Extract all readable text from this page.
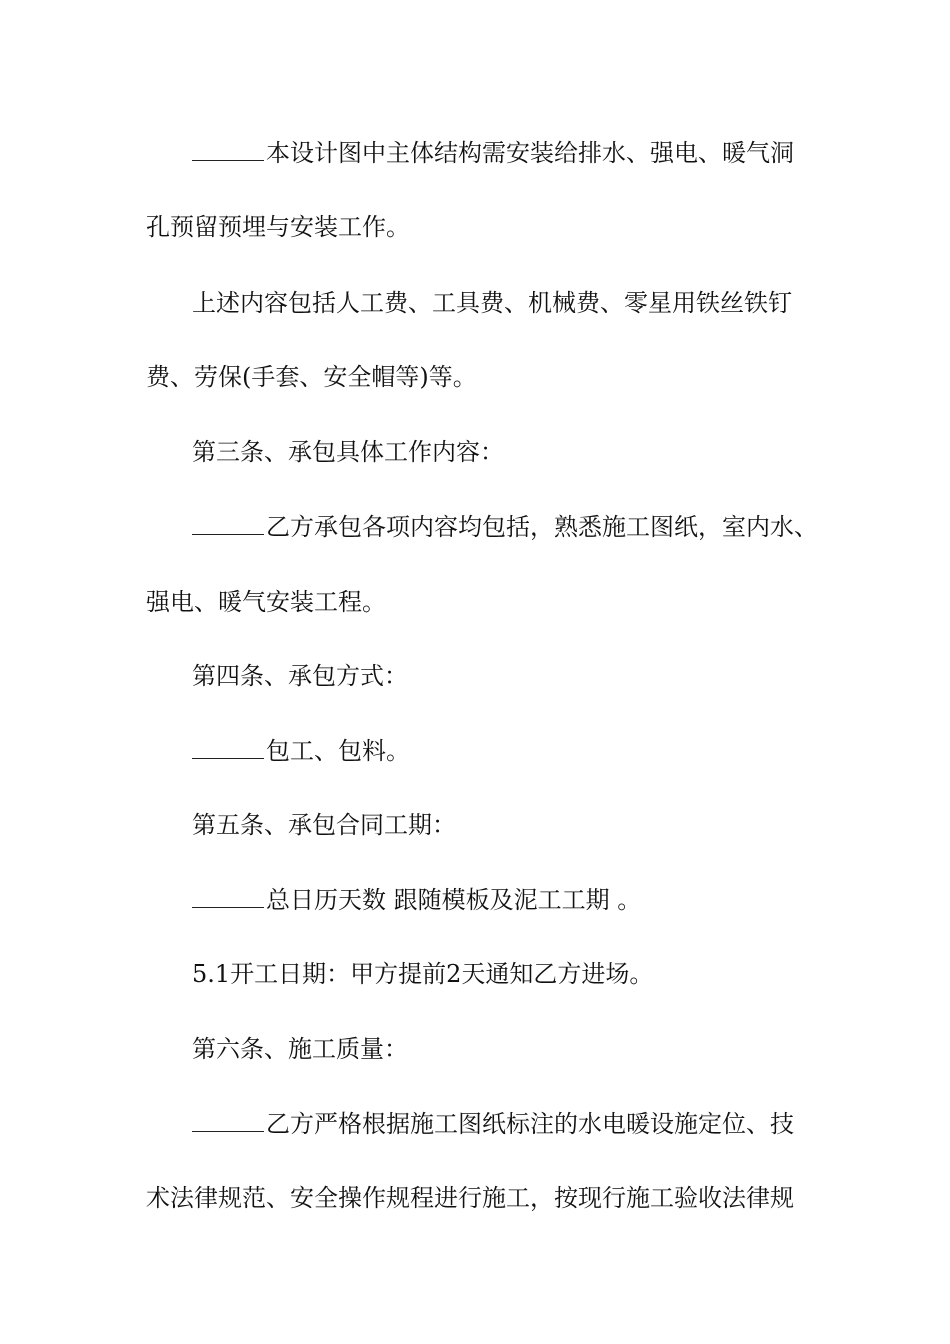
本设计图中主体结构需安装给排水、强电、暖气洞
孔预留预埋与安装工作。
上述内容包括人工费、工具费、机械费、零星用铁丝铁钉
费、劳保(手套、安全帽等)等。
第三条、承包具体工作内容：
乙方承包各项内容均包括，熟悉施工图纸，室内水、
强电、暖气安装工程。
第四条、承包方式：
包工、包料。
第五条、承包合同工期：
总日历天数 跟随模板及泥工工期 。
5.1开工日期：甲方提前2天通知乙方进场。
第六条、施工质量：
乙方严格根据施工图纸标注的水电暖设施定位、技
术法律规范、安全操作规程进行施工，按现行施工验收法律规
